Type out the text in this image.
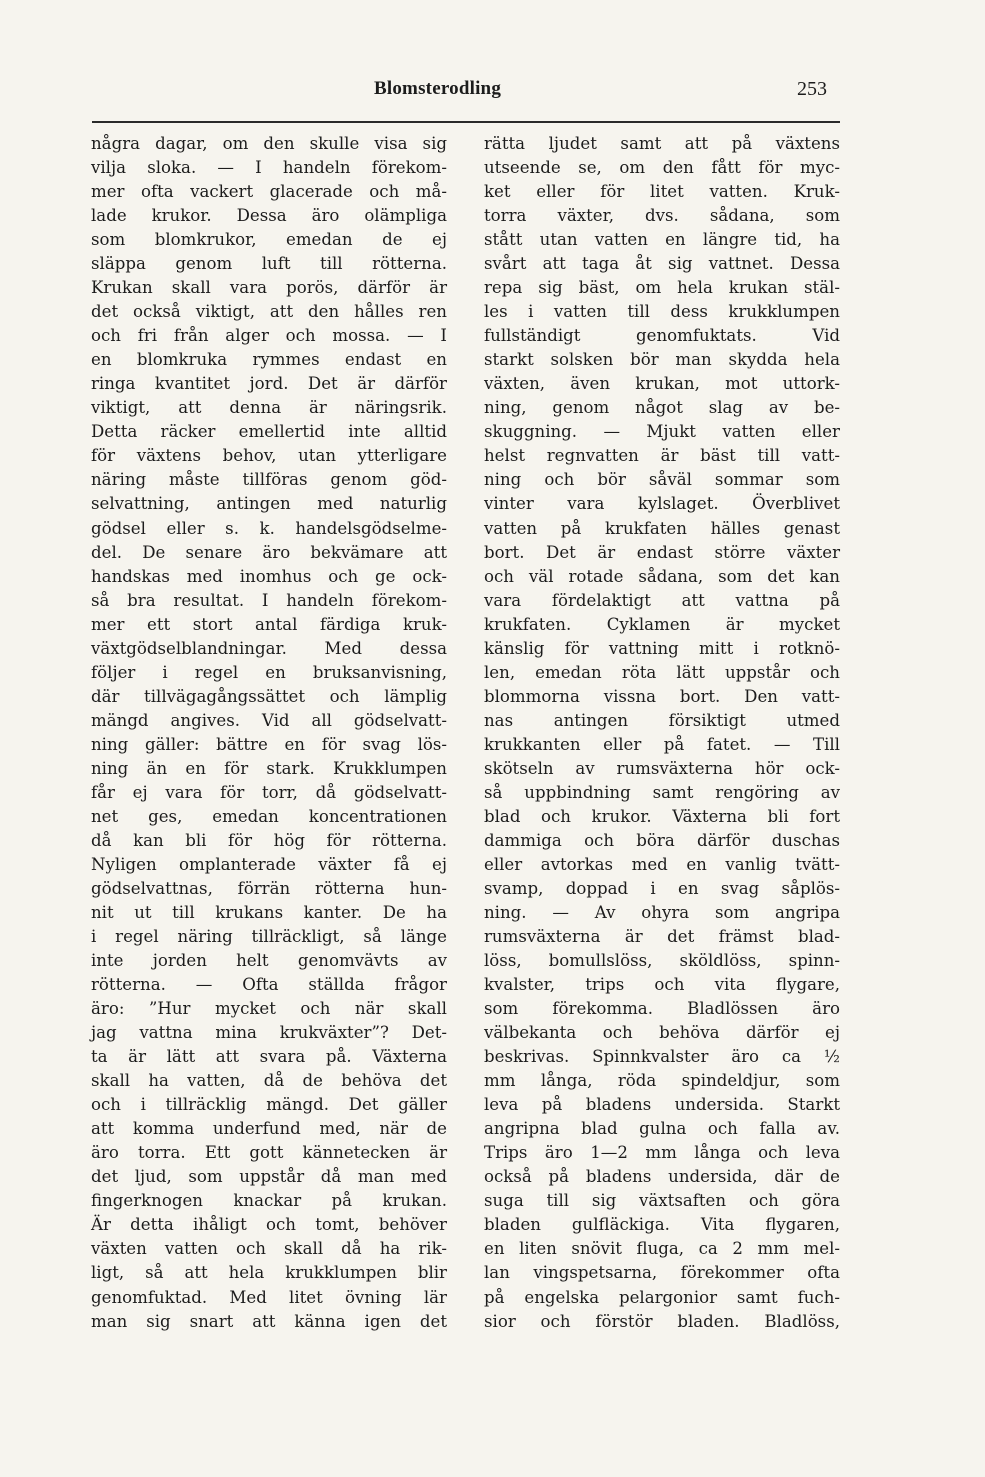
Blomsterodling	253
några dagar, om den skulle visa sig
vilja sloka. — I handeln förekom-
mer ofta vackert glacerade och må-
lade krukor. Dessa äro olämpliga
som blomkrukor, emedan de ej
släppa genom luft till rötterna.
Krukan skall vara porös, därför är
det också viktigt, att den hålles ren
och fri från alger och mossa. — I
en blomkruka rymmes endast en
ringa kvantitet jord. Det är därför
viktigt, att denna är näringsrik.
Detta räcker emellertid inte alltid
för växtens behov, utan ytterligare
näring måste tillföras genom göd-
selvattning, antingen med naturlig
gödsel eller s. k. handelsgödselme-
del. De senare äro bekvämare att
handskas med inomhus och ge ock-
så bra resultat. I handeln förekom-
mer ett stort antal färdiga kruk-
växtgödselblandningar. Med dessa
följer i regel en bruksanvisning,
där tillvägagångssättet och lämplig
mängd angives. Vid all gödselvatt-
ning gäller: bättre en för svag lös-
ning än en för stark. Krukklumpen
får ej vara för torr, då gödselvatt-
net ges, emedan koncentrationen
då kan bli för hög för rötterna.
Nyligen omplanterade växter få ej
gödselvattnas, förrän rötterna hun-
nit ut till krukans kanter. De ha
i regel näring tillräckligt, så länge
inte jorden helt genomvävts av
rötterna. — Ofta ställda frågor
äro: ”Hur mycket och när skall
jag vattna mina krukväxter”? Det-
ta är lätt att svara på. Växterna
skall ha vatten, då de behöva det
och i tillräcklig mängd. Det gäller
att komma underfund med, när de
äro torra. Ett gott kännetecken är
det ljud, som uppstår då man med
fingerknogen knackar på krukan.
Är detta ihåligt och tomt, behöver
växten vatten och skall då ha rik-
ligt, så att hela krukklumpen blir
genomfuktad. Med litet övning lär
man sig snart att känna igen det
rätta ljudet samt att på växtens
utseende se, om den fått för myc-
ket eller för litet vatten. Kruk-
torra växter, dvs. sådana, som
stått utan vatten en längre tid, ha
svårt att taga åt sig vattnet. Dessa
repa sig bäst, om hela krukan stäl-
les i vatten till dess krukklumpen
fullständigt genomfuktats. Vid
starkt solsken bör man skydda hela
växten, även krukan, mot uttork-
ning, genom något slag av be-
skuggning. — Mjukt vatten eller
helst regnvatten är bäst till vatt-
ning och bör såväl sommar som
vinter vara kylslaget. Överblivet
vatten på krukfaten hälles genast
bort. Det är endast större växter
och väl rotade sådana, som det kan
vara fördelaktigt att vattna på
krukfaten. Cyklamen är mycket
känslig för vattning mitt i rotknö-
len, emedan röta lätt uppstår och
blommorna vissna bort. Den vatt-
nas antingen försiktigt utmed
krukkanten eller på fatet. — Till
skötseln av rumsväxterna hör ock-
så uppbindning samt rengöring av
blad och krukor. Växterna bli fort
dammiga och böra därför duschas
eller avtorkas med en vanlig tvätt-
svamp, doppad i en svag såplös-
ning. — Av ohyra som angripa
rumsväxterna är det främst blad-
löss, bomullslöss, sköldlöss, spinn-
kvalster, trips och vita flygare,
som förekomma. Bladlössen äro
välbekanta och behöva därför ej
beskrivas. Spinnkvalster äro ca ½
mm långa, röda spindeldjur, som
leva på bladens undersida. Starkt
angripna blad gulna och falla av.
Trips äro 1—2 mm långa och leva
också på bladens undersida, där de
suga till sig växtsaften och göra
bladen gulfläckiga. Vita flygaren,
en liten snövit fluga, ca 2 mm mel-
lan vingspetsarna, förekommer ofta
på engelska pelargonior samt fuch-
sior och förstör bladen. Bladlöss,
